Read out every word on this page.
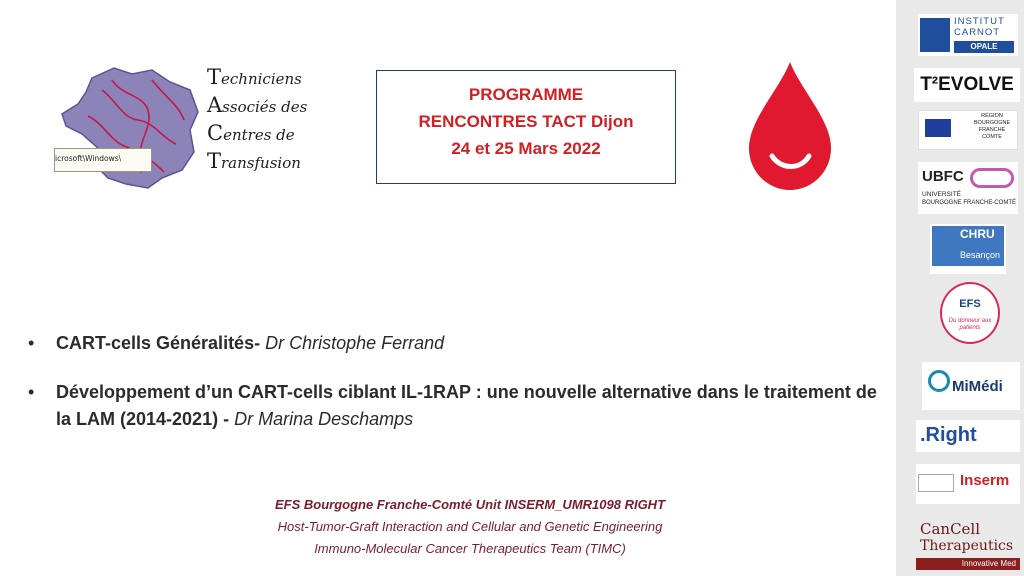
icrosoft\Windows\
Techniciens
Associés des
Centres de
Transfusion
PROGRAMME
RENCONTRES TACT Dijon
24 et 25 Mars 2022
• CART-cells Généralités- Dr Christophe Ferrand
• Développement d’un CART-cells ciblant IL-1RAP : une nouvelle alternative dans le traitement de la LAM (2014-2021) - Dr Marina Deschamps
EFS Bourgogne Franche-Comté Unit INSERM_UMR1098 RIGHT
Host-Tumor-Graft Interaction and Cellular and Genetic Engineering
Immuno-Molecular Cancer Therapeutics Team (TIMC)
INSTITUT
CARNOT
OPALE
T²EVOLVE
RÉGION
BOURGOGNE
FRANCHE
COMTE
UBFC
UNIVERSITÉ
BOURGOGNE FRANCHE-COMTÉ
CHRU
Besançon
EFS
Du donneur aux patients
MiMédi
.Right
Inserm
CanCell
Therapeutics
Innovative Med
